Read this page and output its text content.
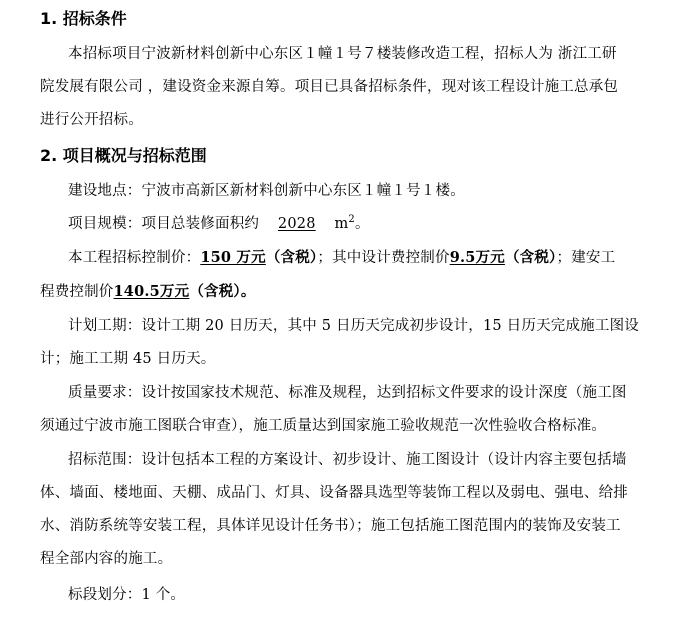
1. 招标条件
本招标项目宁波新材料创新中心东区１幢１号７楼装修改造工程，招标人为 浙江工研
院发展有限公司 ，建设资金来源自筹。项目已具备招标条件，现对该工程设计施工总承包
进行公开招标。
2. 项目概况与招标范围
建设地点：宁波市高新区新材料创新中心东区１幢１号１楼。
项目规模：项目总装修面积约 2028 $m^2$。
本工程招标控制价：150 万元（含税）；其中设计费控制价9.5万元（含税）；建安工
程费控制价140.5万元（含税）。
计划工期：设计工期 20 日历天，其中 5 日历天完成初步设计，15 日历天完成施工图设
计；施工工期 45 日历天。
质量要求：设计按国家技术规范、标准及规程，达到招标文件要求的设计深度（施工图
须通过宁波市施工图联合审查），施工质量达到国家施工验收规范一次性验收合格标准。
招标范围：设计包括本工程的方案设计、初步设计、施工图设计（设计内容主要包括墙
体、墙面、楼地面、天棚、成品门、灯具、设备器具选型等装饰工程以及弱电、强电、给排
水、消防系统等安装工程，具体详见设计任务书）；施工包括施工图范围内的装饰及安装工
程全部内容的施工。
标段划分：1 个。
